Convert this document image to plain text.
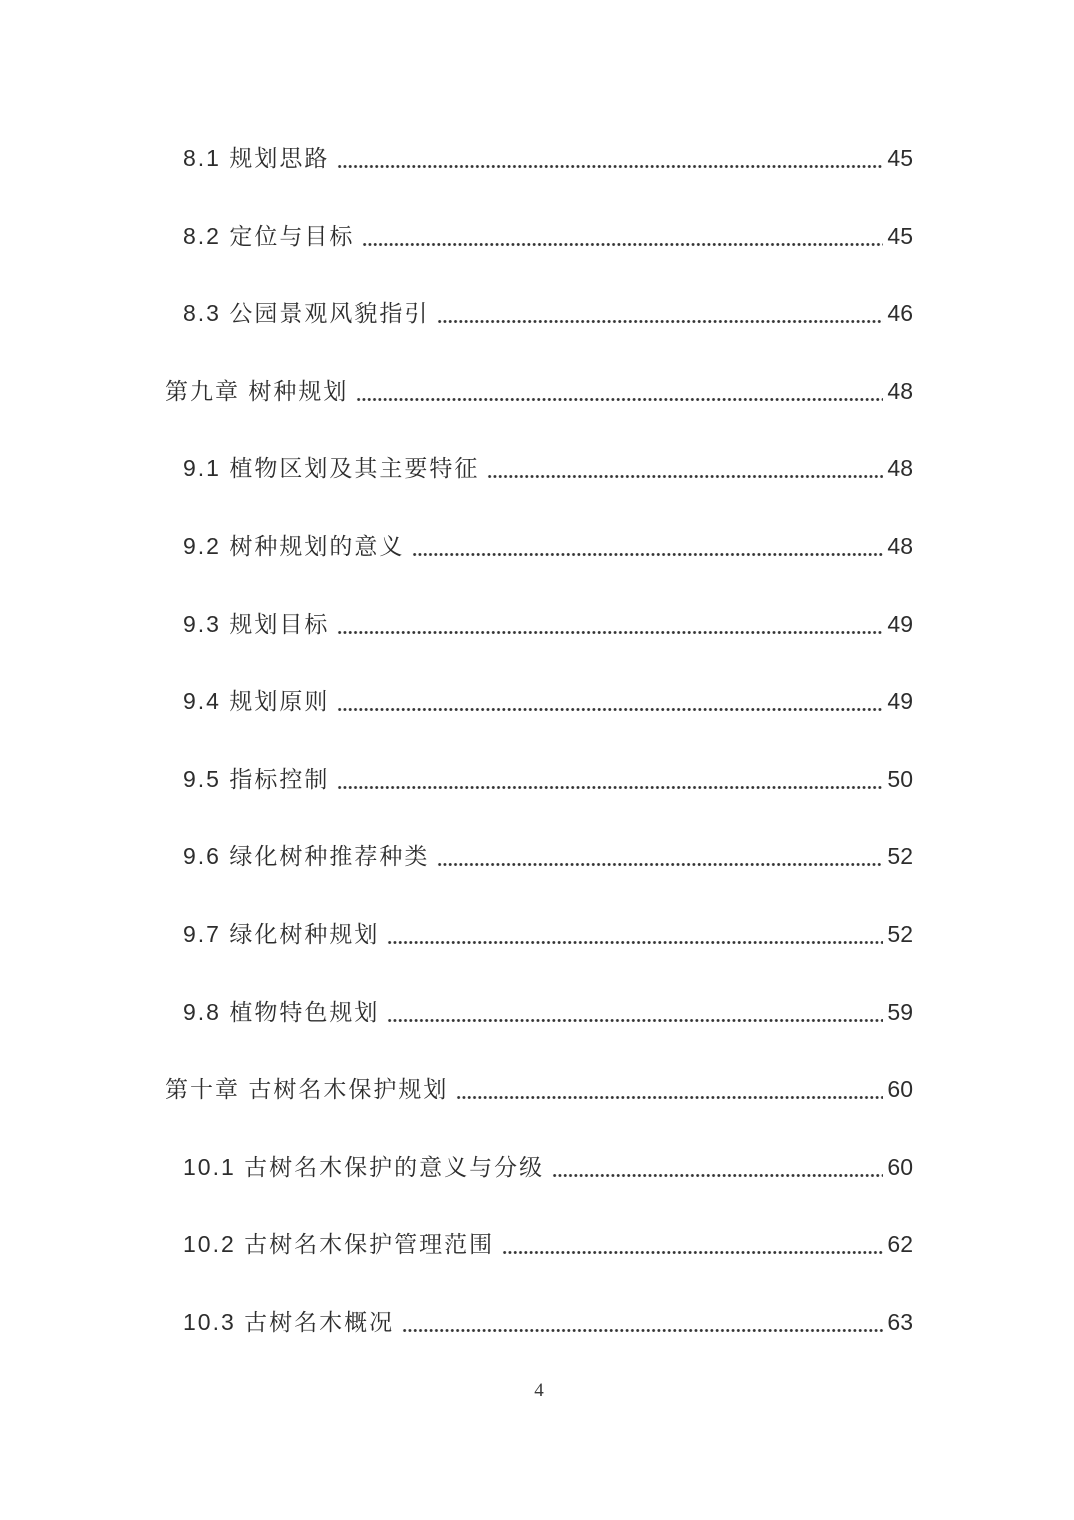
8.1 规划思路	45
8.2 定位与目标	45
8.3 公园景观风貌指引	46
第九章 树种规划	48
9.1 植物区划及其主要特征	48
9.2 树种规划的意义	48
9.3 规划目标	49
9.4 规划原则	49
9.5 指标控制	50
9.6 绿化树种推荐种类	52
9.7 绿化树种规划	52
9.8 植物特色规划	59
第十章 古树名木保护规划	60
10.1 古树名木保护的意义与分级	60
10.2 古树名木保护管理范围	62
10.3 古树名木概况	63
4
